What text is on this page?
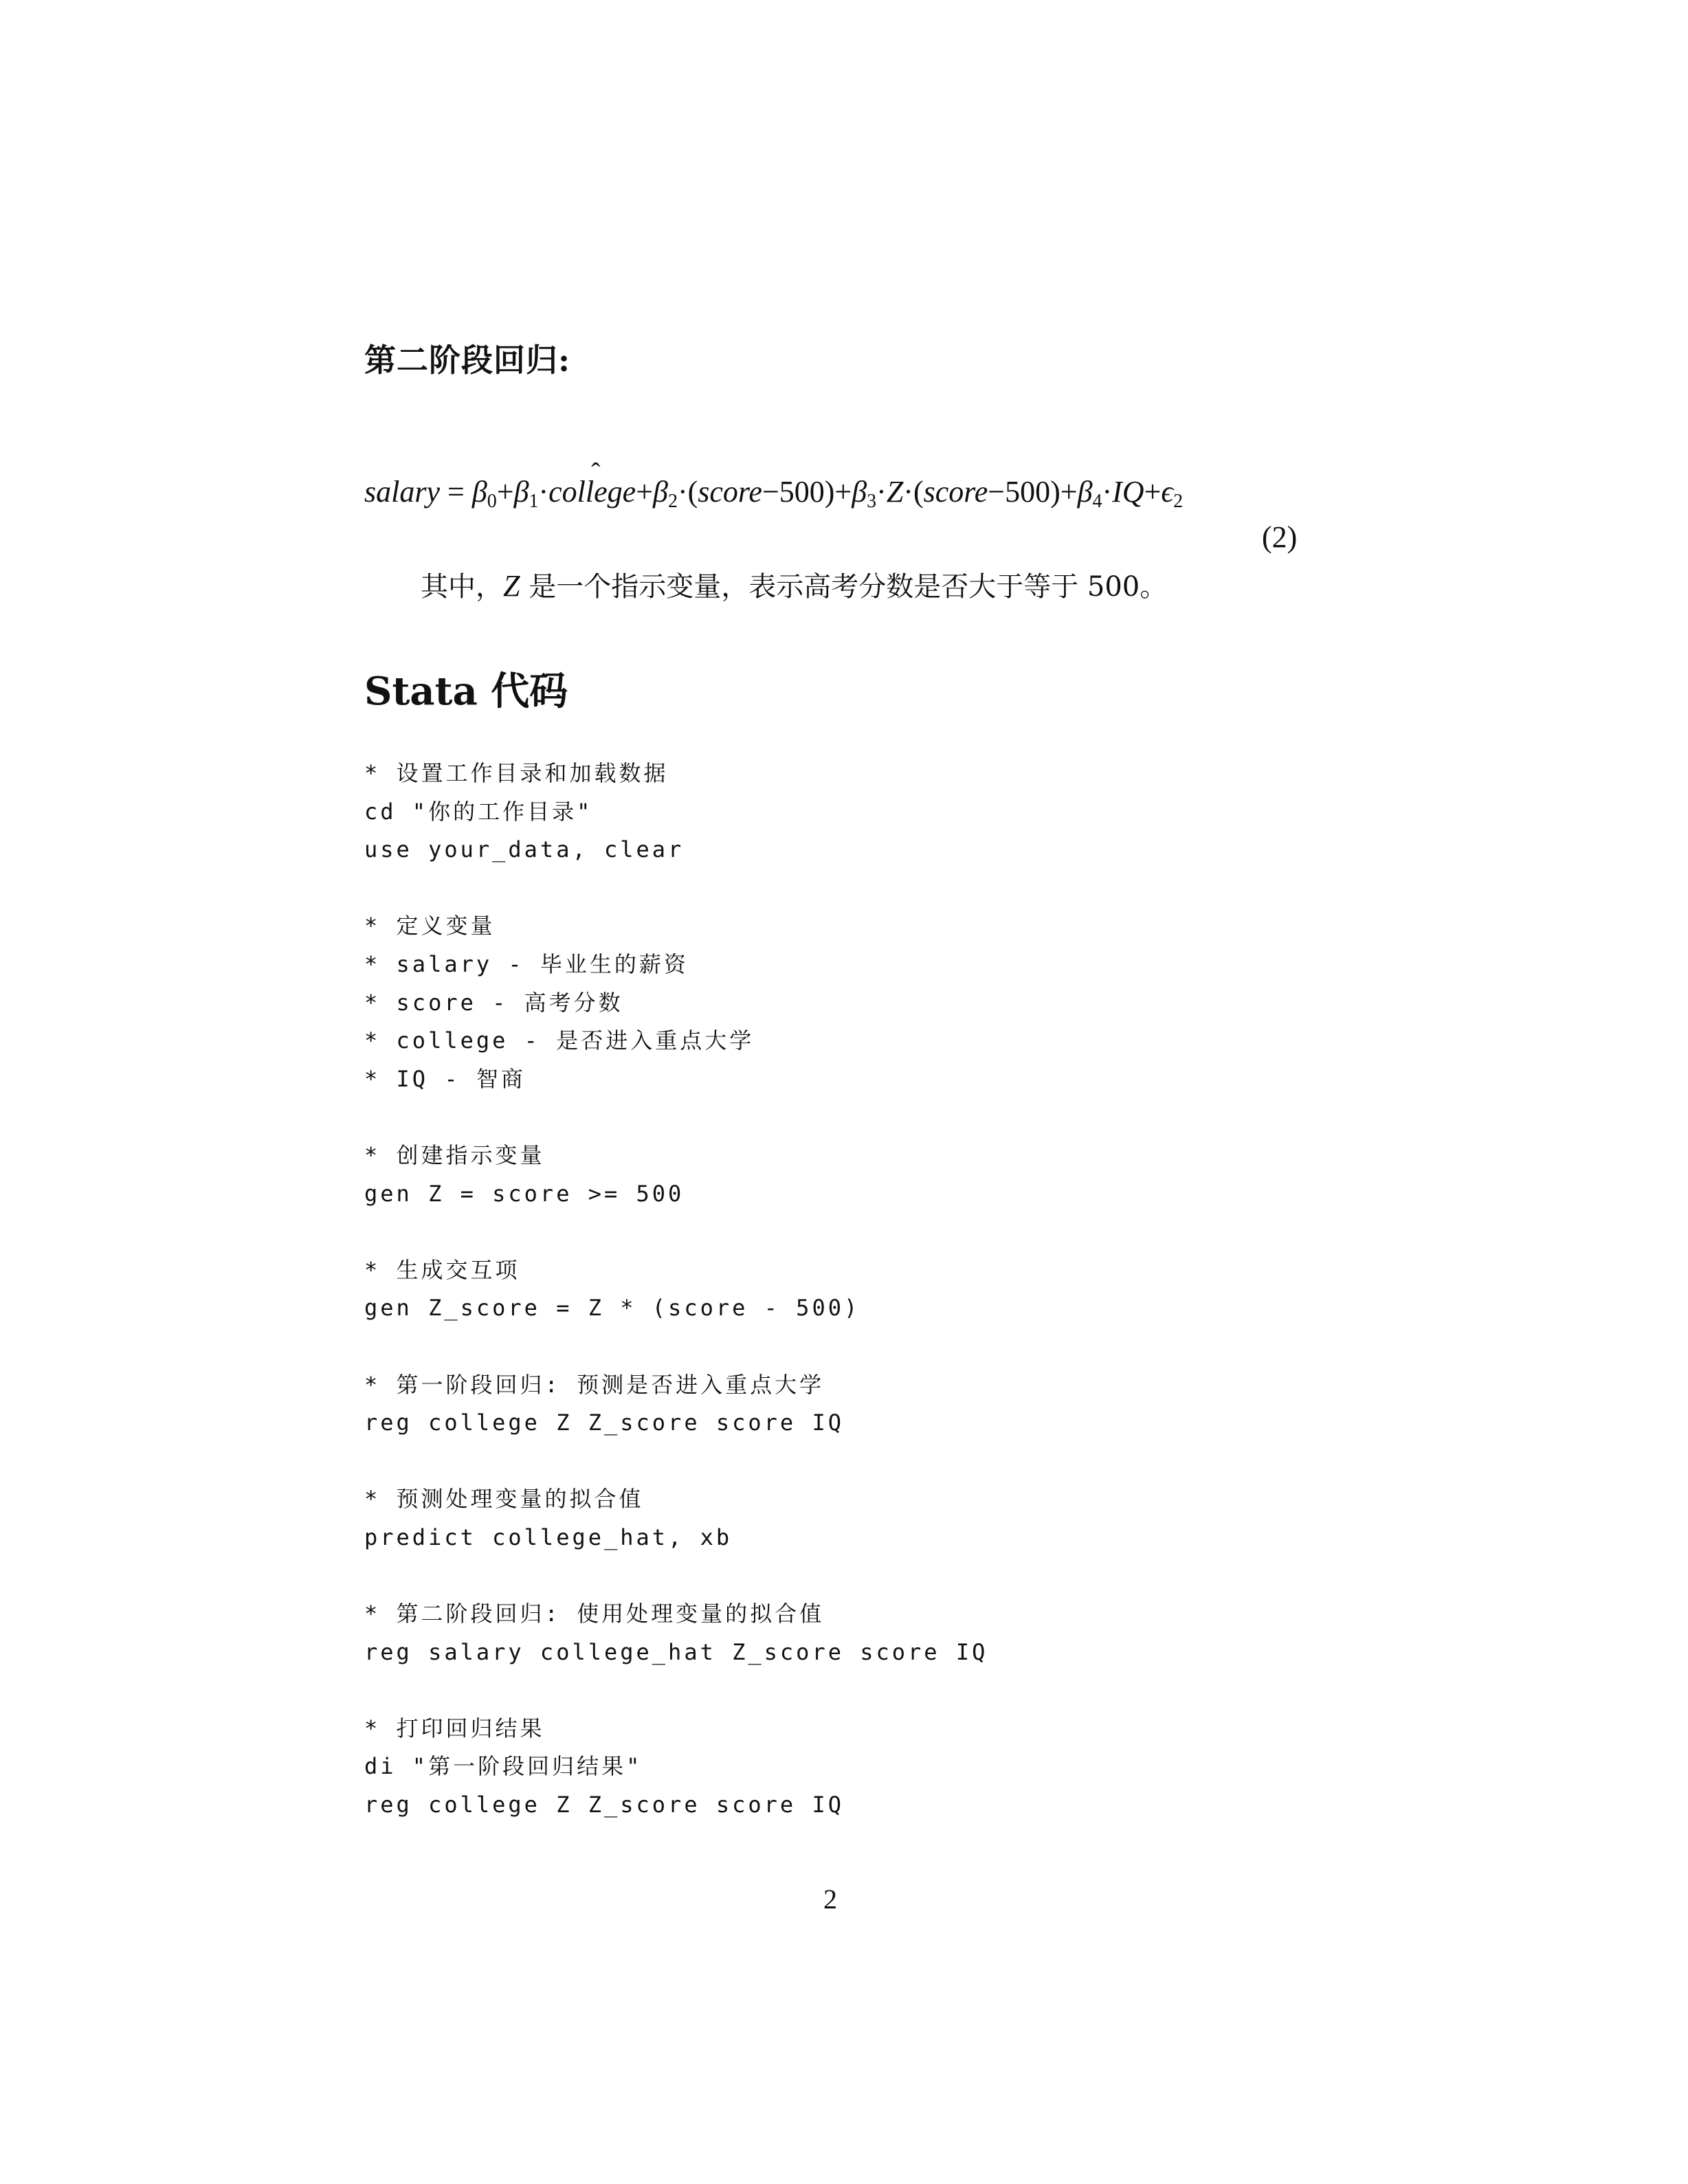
第二阶段回归:
salary = $\beta_0+\beta_1\cdot college$ $ˆ+\beta_2\cdot(score-500)+\beta_3\cdot Z\cdot(score-500)+\beta_4\cdot IQ+\epsilon_2$
(2)
其中，Z 是一个指示变量，表示高考分数是否大于等于 500。
Stata 代码
* 设置工作目录和加载数据
cd "你的工作目录"
use your_data, clear
* 定义变量
* salary - 毕业生的薪资
* score - 高考分数
* college - 是否进入重点大学
* IQ - 智商
* 创建指示变量
gen Z = score >= 500
* 生成交互项
gen Z_score = Z * (score - 500)
* 第一阶段回归: 预测是否进入重点大学
reg college Z Z_score score IQ
* 预测处理变量的拟合值
predict college_hat, xb
* 第二阶段回归: 使用处理变量的拟合值
reg salary college_hat Z_score score IQ
* 打印回归结果
di "第一阶段回归结果"
reg college Z Z_score score IQ
2
